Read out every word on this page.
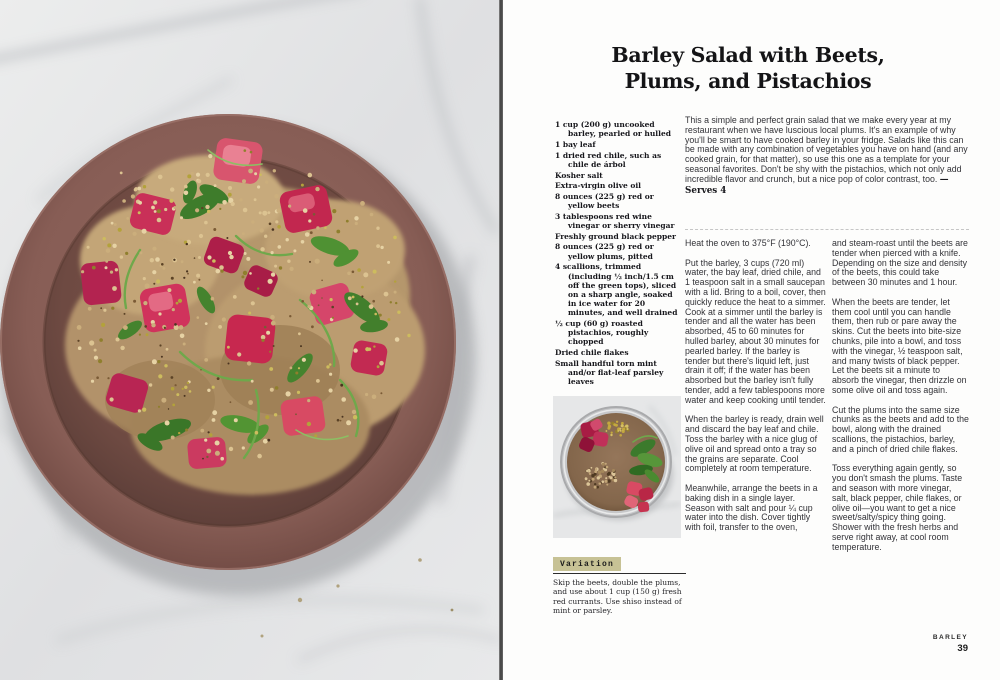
Barley Salad with Beets,
Plums, and Pistachios
1 cup (200 g) uncooked barley, pearled or hulled
1 bay leaf
1 dried red chile, such as chile de árbol
Kosher salt
Extra-virgin olive oil
8 ounces (225 g) red or yellow beets
3 tablespoons red wine vinegar or sherry vinegar
Freshly ground black pepper
8 ounces (225 g) red or yellow plums, pitted
4 scallions, trimmed (including ½ inch/1.5 cm off the green tops), sliced on a sharp angle, soaked in ice water for 20 minutes, and well drained
½ cup (60 g) roasted pistachios, roughly chopped
Dried chile flakes
Small handful torn mint and/or flat-leaf parsley leaves

This a simple and perfect grain salad that we make every year at my restaurant when we have luscious local plums. It's an example of why you'll be smart to have cooked barley in your fridge. Salads like this can be made with any combination of vegetables you have on hand (and any cooked grain, for that matter), so use this one as a template for your seasonal favorites. Don't be shy with the pistachios, which not only add incredible flavor and crunch, but a nice pop of color contrast, too. —Serves 4

Heat the oven to 375°F (190°C).

Put the barley, 3 cups (720 ml) water, the bay leaf, dried chile, and 1 teaspoon salt in a small saucepan with a lid. Bring to a boil, cover, then quickly reduce the heat to a simmer. Cook at a simmer until the barley is tender and all the water has been absorbed, 45 to 60 minutes for hulled barley, about 30 minutes for pearled barley. If the barley is tender but there's liquid left, just drain it off; if the water has been absorbed but the barley isn't fully tender, add a few tablespoons more water and keep cooking until tender.

When the barley is ready, drain well and discard the bay leaf and chile. Toss the barley with a nice glug of olive oil and spread onto a tray so the grains are separate. Cool completely at room temperature.

Meanwhile, arrange the beets in a baking dish in a single layer. Season with salt and pour ¼ cup water into the dish. Cover tightly with foil, transfer to the oven,

and steam-roast until the beets are tender when pierced with a knife. Depending on the size and density of the beets, this could take between 30 minutes and 1 hour.

When the beets are tender, let them cool until you can handle them, then rub or pare away the skins. Cut the beets into bite-size chunks, pile into a bowl, and toss with the vinegar, ½ teaspoon salt, and many twists of black pepper. Let the beets sit a minute to absorb the vinegar, then drizzle on some olive oil and toss again.

Cut the plums into the same size chunks as the beets and add to the bowl, along with the drained scallions, the pistachios, barley, and a pinch of dried chile flakes.

Toss everything again gently, so you don't smash the plums. Taste and season with more vinegar, salt, black pepper, chile flakes, or olive oil—you want to get a nice sweet/salty/spicy thing going. Shower with the fresh herbs and serve right away, at cool room temperature.

Variation

Skip the beets, double the plums, and use about 1 cup (150 g) fresh red currants. Use shiso instead of mint or parsley.

BARLEY
39
